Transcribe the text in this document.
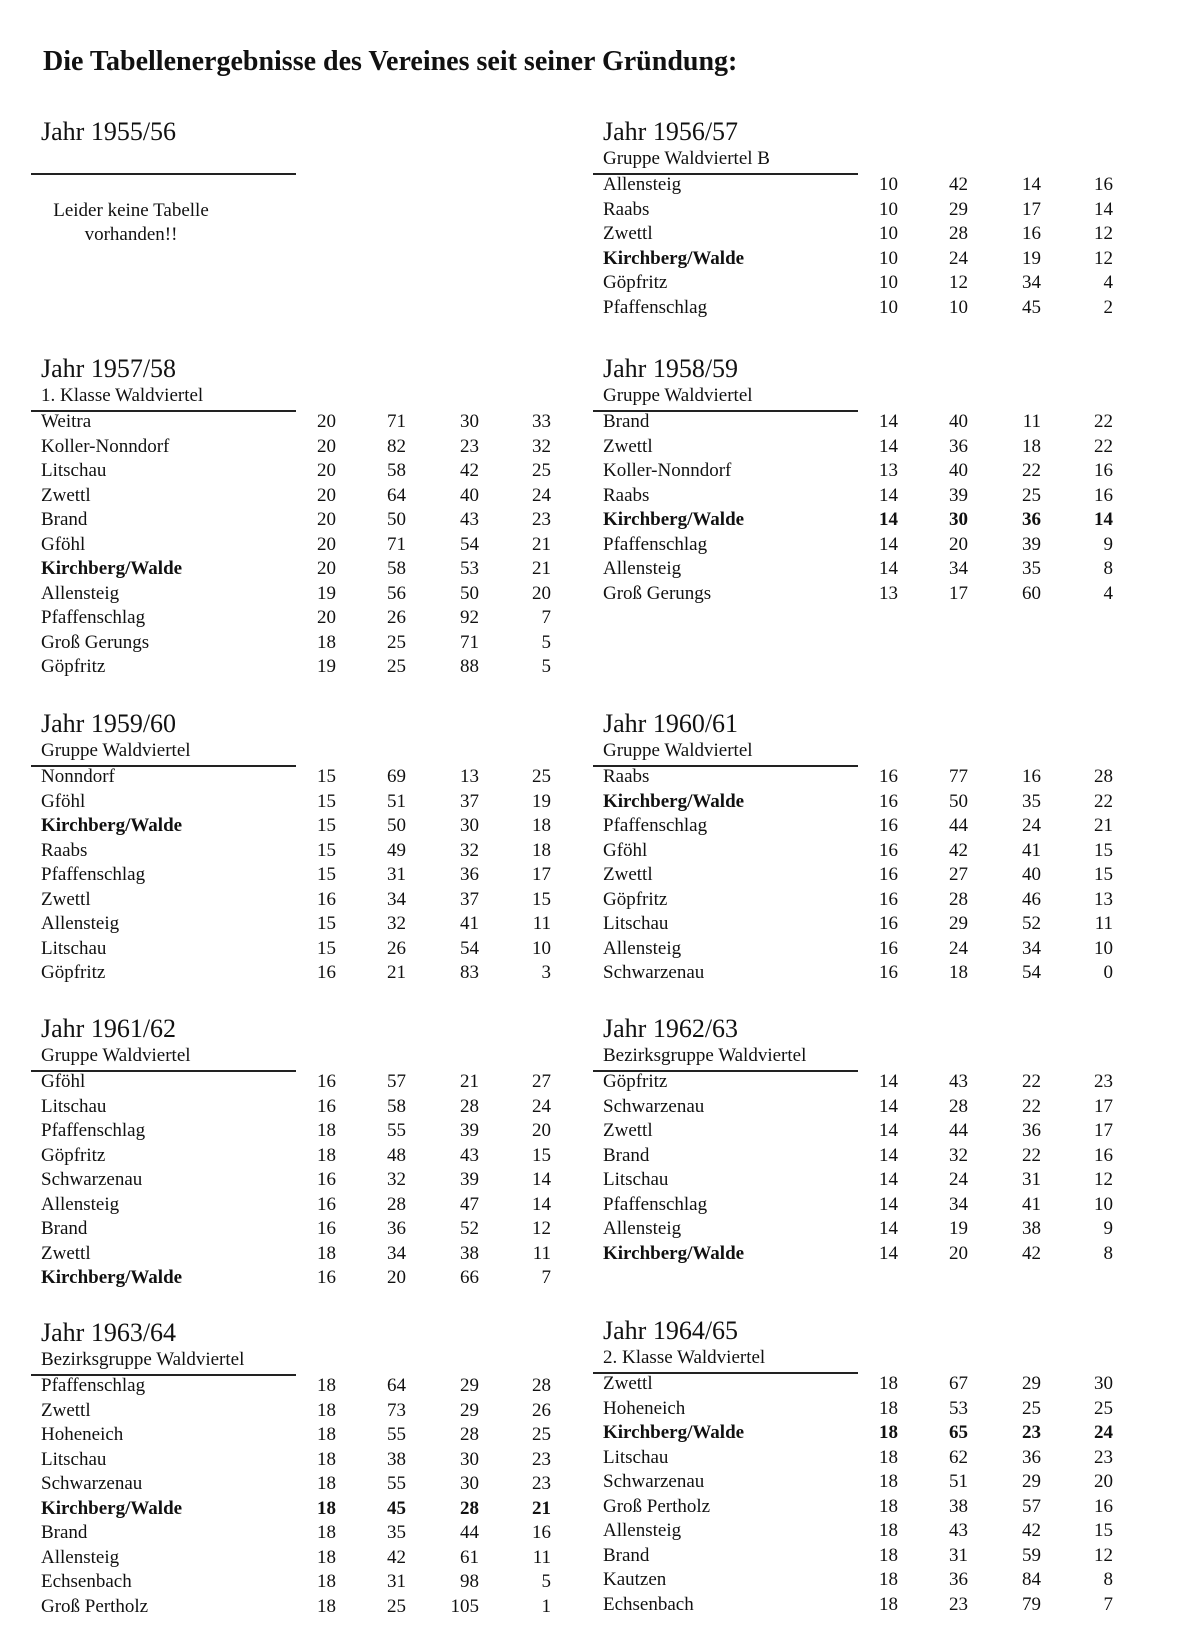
Die Tabellenergebnisse des Vereines seit seiner Gründung:
Jahr 1955/56
Leider keine Tabelle
vorhanden!!
Jahr 1956/57
Gruppe Waldviertel B
Allensteig	10	42	14	16
Raabs	10	29	17	14
Zwettl	10	28	16	12
Kirchberg/Walde	10	24	19	12
Göpfritz	10	12	34	4
Pfaffenschlag	10	10	45	2
Jahr 1957/58
1. Klasse Waldviertel
Weitra	20	71	30	33
Koller-Nonndorf	20	82	23	32
Litschau	20	58	42	25
Zwettl	20	64	40	24
Brand	20	50	43	23
Gföhl	20	71	54	21
Kirchberg/Walde	20	58	53	21
Allensteig	19	56	50	20
Pfaffenschlag	20	26	92	7
Groß Gerungs	18	25	71	5
Göpfritz	19	25	88	5
Jahr 1958/59
Gruppe Waldviertel
Brand	14	40	11	22
Zwettl	14	36	18	22
Koller-Nonndorf	13	40	22	16
Raabs	14	39	25	16
Kirchberg/Walde	14	30	36	14
Pfaffenschlag	14	20	39	9
Allensteig	14	34	35	8
Groß Gerungs	13	17	60	4
Jahr 1959/60
Gruppe Waldviertel
Nonndorf	15	69	13	25
Gföhl	15	51	37	19
Kirchberg/Walde	15	50	30	18
Raabs	15	49	32	18
Pfaffenschlag	15	31	36	17
Zwettl	16	34	37	15
Allensteig	15	32	41	11
Litschau	15	26	54	10
Göpfritz	16	21	83	3
Jahr 1960/61
Gruppe Waldviertel
Raabs	16	77	16	28
Kirchberg/Walde	16	50	35	22
Pfaffenschlag	16	44	24	21
Gföhl	16	42	41	15
Zwettl	16	27	40	15
Göpfritz	16	28	46	13
Litschau	16	29	52	11
Allensteig	16	24	34	10
Schwarzenau	16	18	54	0
Jahr 1961/62
Gruppe Waldviertel
Gföhl	16	57	21	27
Litschau	16	58	28	24
Pfaffenschlag	18	55	39	20
Göpfritz	18	48	43	15
Schwarzenau	16	32	39	14
Allensteig	16	28	47	14
Brand	16	36	52	12
Zwettl	18	34	38	11
Kirchberg/Walde	16	20	66	7
Jahr 1962/63
Bezirksgruppe Waldviertel
Göpfritz	14	43	22	23
Schwarzenau	14	28	22	17
Zwettl	14	44	36	17
Brand	14	32	22	16
Litschau	14	24	31	12
Pfaffenschlag	14	34	41	10
Allensteig	14	19	38	9
Kirchberg/Walde	14	20	42	8
Jahr 1963/64
Bezirksgruppe Waldviertel
Pfaffenschlag	18	64	29	28
Zwettl	18	73	29	26
Hoheneich	18	55	28	25
Litschau	18	38	30	23
Schwarzenau	18	55	30	23
Kirchberg/Walde	18	45	28	21
Brand	18	35	44	16
Allensteig	18	42	61	11
Echsenbach	18	31	98	5
Groß Pertholz	18	25	105	1
Jahr 1964/65
2. Klasse Waldviertel
Zwettl	18	67	29	30
Hoheneich	18	53	25	25
Kirchberg/Walde	18	65	23	24
Litschau	18	62	36	23
Schwarzenau	18	51	29	20
Groß Pertholz	18	38	57	16
Allensteig	18	43	42	15
Brand	18	31	59	12
Kautzen	18	36	84	8
Echsenbach	18	23	79	7
